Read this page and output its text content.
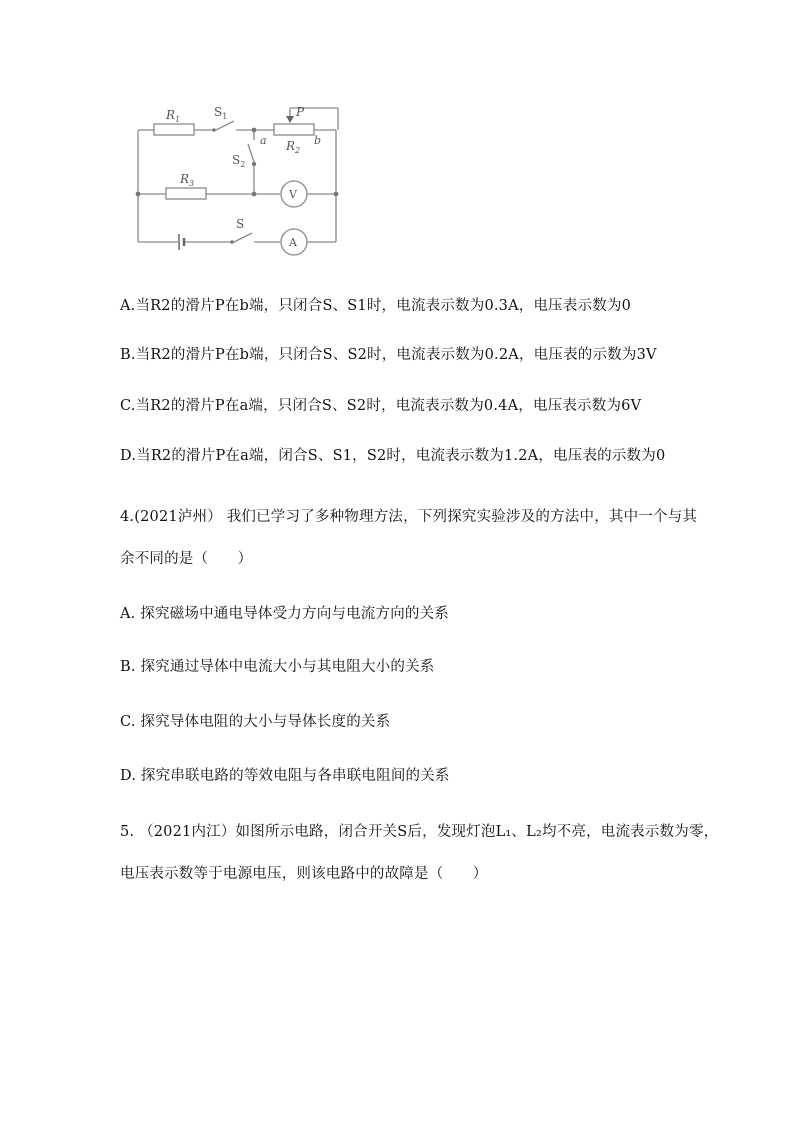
$R_1$
$S_1$	P
a $R_2$
b
$S_2$
$R_3$
S
V
A
A.当R2的滑片P在b端，只闭合S、S1时，电流表示数为0.3A，电压表示数为0
B.当R2的滑片P在b端，只闭合S、S2时，电流表示数为0.2A，电压表的示数为3V
C.当R2的滑片P在a端，只闭合S、S2时，电流表示数为0.4A，电压表示数为6V
D.当R2的滑片P在a端，闭合S、S1，S2时，电流表示数为1.2A，电压表的示数为0
4.(2021泸州） 我们已学习了多种物理方法，下列探究实验涉及的方法中，其中一个与其
余不同的是（　　）
A. 探究磁场中通电导体受力方向与电流方向的关系
B. 探究通过导体中电流大小与其电阻大小的关系
C. 探究导体电阻的大小与导体长度的关系
D. 探究串联电路的等效电阻与各串联电阻间的关系
5. （2021内江）如图所示电路，闭合开关S后，发现灯泡L₁、L₂均不亮，电流表示数为零，
电压表示数等于电源电压，则该电路中的故障是（　　）
